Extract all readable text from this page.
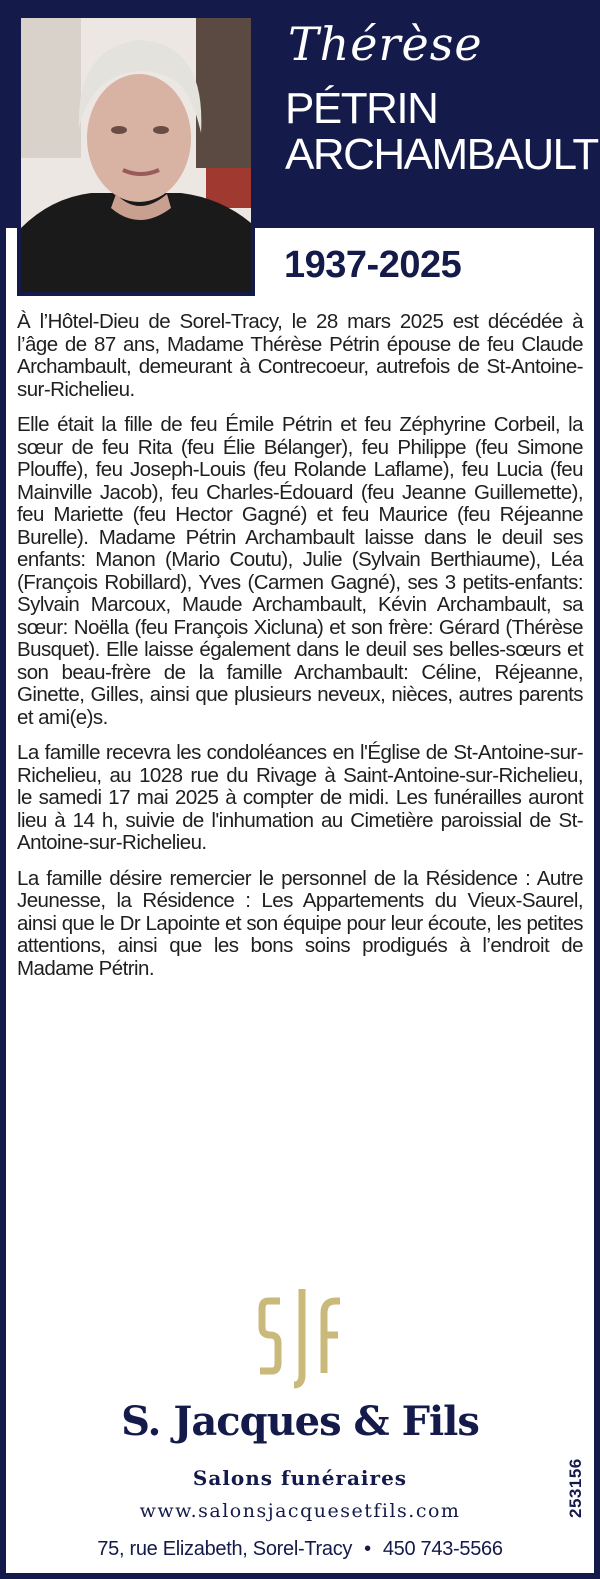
Thérèse
PÉTRIN
ARCHAMBAULT
1937-2025

À l’Hôtel-Dieu de Sorel-Tracy, le 28 mars 2025 est décédée à l’âge de 87 ans, Madame Thérèse Pétrin épouse de feu Claude Archambault, demeurant à Contrecoeur, autrefois de St-Antoine-sur-Richelieu.

Elle était la fille de feu Émile Pétrin et feu Zéphyrine Corbeil, la sœur de feu Rita (feu Élie Bélanger), feu Philippe (feu Simone Plouffe), feu Joseph-Louis (feu Rolande Laflame), feu Lucia (feu Mainville Jacob), feu Charles-Édouard (feu Jeanne Guillemette), feu Mariette (feu Hector Gagné) et feu Maurice (feu Réjeanne Burelle). Madame Pétrin Archambault laisse dans le deuil ses enfants: Manon (Mario Coutu), Julie (Sylvain Berthiaume), Léa (François Robillard), Yves (Carmen Gagné), ses 3 petits-enfants: Sylvain Marcoux, Maude Archambault, Kévin Archambault, sa sœur: Noëlla (feu François Xicluna) et son frère: Gérard (Thérèse Busquet). Elle laisse également dans le deuil ses belles-sœurs et son beau-frère de la famille Archambault: Céline, Réjeanne, Ginette, Gilles, ainsi que plusieurs neveux, nièces, autres parents et ami(e)s.

La famille recevra les condoléances en l'Église de St-Antoine-sur-Richelieu, au 1028 rue du Rivage à Saint-Antoine-sur-Richelieu, le samedi 17 mai 2025 à compter de midi. Les funérailles auront lieu à 14 h, suivie de l'inhumation au Cimetière paroissial de St-Antoine-sur-Richelieu.

La famille désire remercier le personnel de la Résidence : Autre Jeunesse, la Résidence : Les Appartements du Vieux-Saurel, ainsi que le Dr Lapointe et son équipe pour leur écoute, les petites attentions, ainsi que les bons soins prodigués à l’endroit de Madame Pétrin.

S. Jacques & Fils
Salons funéraires
www.salonsjacquesetfils.com
75, rue Elizabeth, Sorel-Tracy • 450 743-5566
253156
